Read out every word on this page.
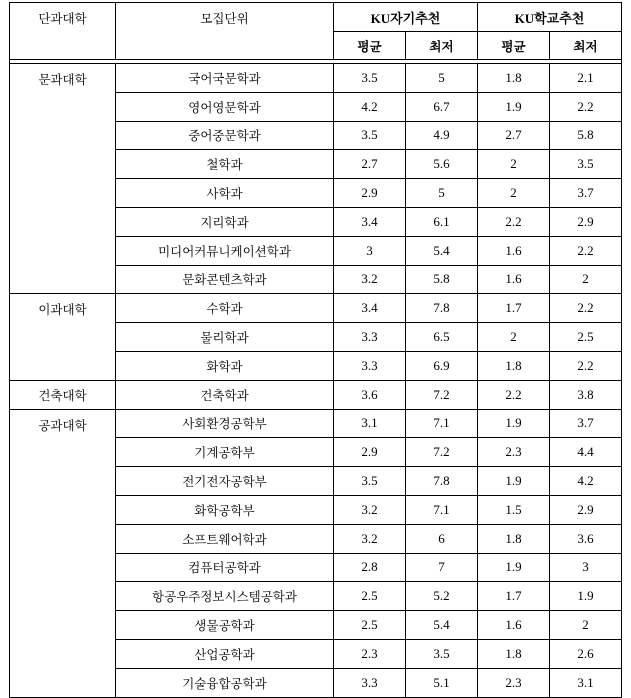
단과대학	모집단위	KU자기추천		KU학교추천	
		평균	최저	평균	최저

문과대학	국어국문학과	3.5	5	1.8	2.1
	영어영문학과	4.2	6.7	1.9	2.2
	중어중문학과	3.5	4.9	2.7	5.8
	철학과	2.7	5.6	2	3.5
	사학과	2.9	5	2	3.7
	지리학과	3.4	6.1	2.2	2.9
	미디어커뮤니케이션학과	3	5.4	1.6	2.2
	문화콘텐츠학과	3.2	5.8	1.6	2
이과대학	수학과	3.4	7.8	1.7	2.2
	물리학과	3.3	6.5	2	2.5
	화학과	3.3	6.9	1.8	2.2
건축대학	건축학과	3.6	7.2	2.2	3.8
공과대학	사회환경공학부	3.1	7.1	1.9	3.7
	기계공학부	2.9	7.2	2.3	4.4
	전기전자공학부	3.5	7.8	1.9	4.2
	화학공학부	3.2	7.1	1.5	2.9
	소프트웨어학과	3.2	6	1.8	3.6
	컴퓨터공학과	2.8	7	1.9	3
	항공우주정보시스템공학과	2.5	5.2	1.7	1.9
	생물공학과	2.5	5.4	1.6	2
	산업공학과	2.3	3.5	1.8	2.6
	기술융합공학과	3.3	5.1	2.3	3.1
